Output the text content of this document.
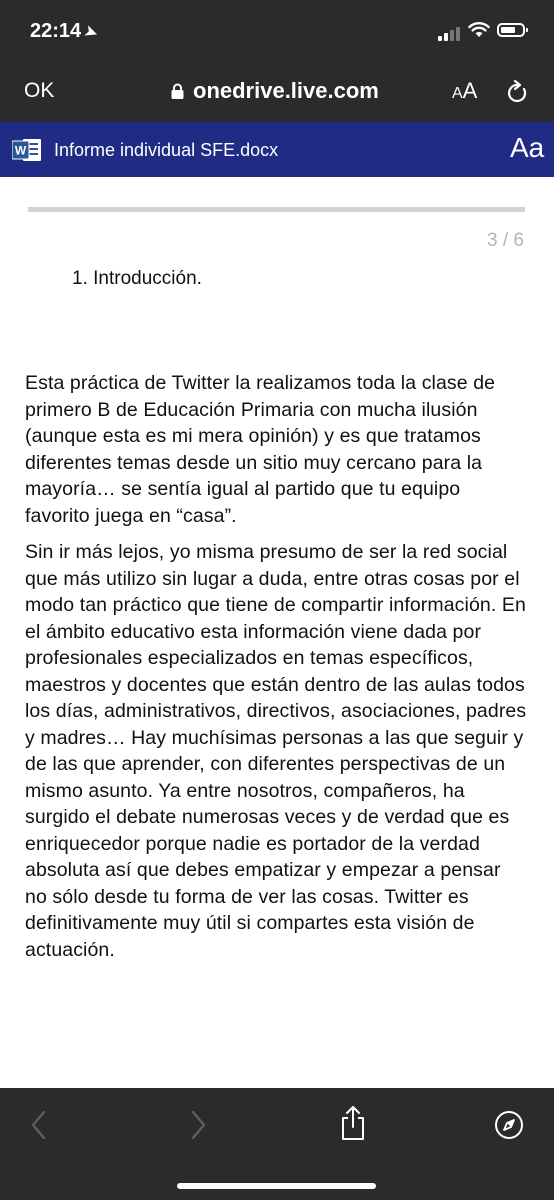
22:14➤
OK	onedrive.live.com	AA
W Informe individual SFE.docx	Aa
3 / 6
1. Introducción.

Esta práctica de Twitter la realizamos toda la clase de primero B de Educación Primaria con mucha ilusión (aunque esta es mi mera opinión) y es que tratamos diferentes temas desde un sitio muy cercano para la mayoría… se sentía igual al partido que tu equipo favorito juega en “casa”.

Sin ir más lejos, yo misma presumo de ser la red social que más utilizo sin lugar a duda, entre otras cosas por el modo tan práctico que tiene de compartir información. En el ámbito educativo esta información viene dada por profesionales especializados en temas específicos, maestros y docentes que están dentro de las aulas todos los días, administrativos, directivos, asociaciones, padres y madres… Hay muchísimas personas a las que seguir y de las que aprender, con diferentes perspectivas de un mismo asunto. Ya entre nosotros, compañeros, ha surgido el debate numerosas veces y de verdad que es enriquecedor porque nadie es portador de la verdad absoluta así que debes empatizar y empezar a pensar no sólo desde tu forma de ver las cosas. Twitter es definitivamente muy útil si compartes esta visión de actuación.
